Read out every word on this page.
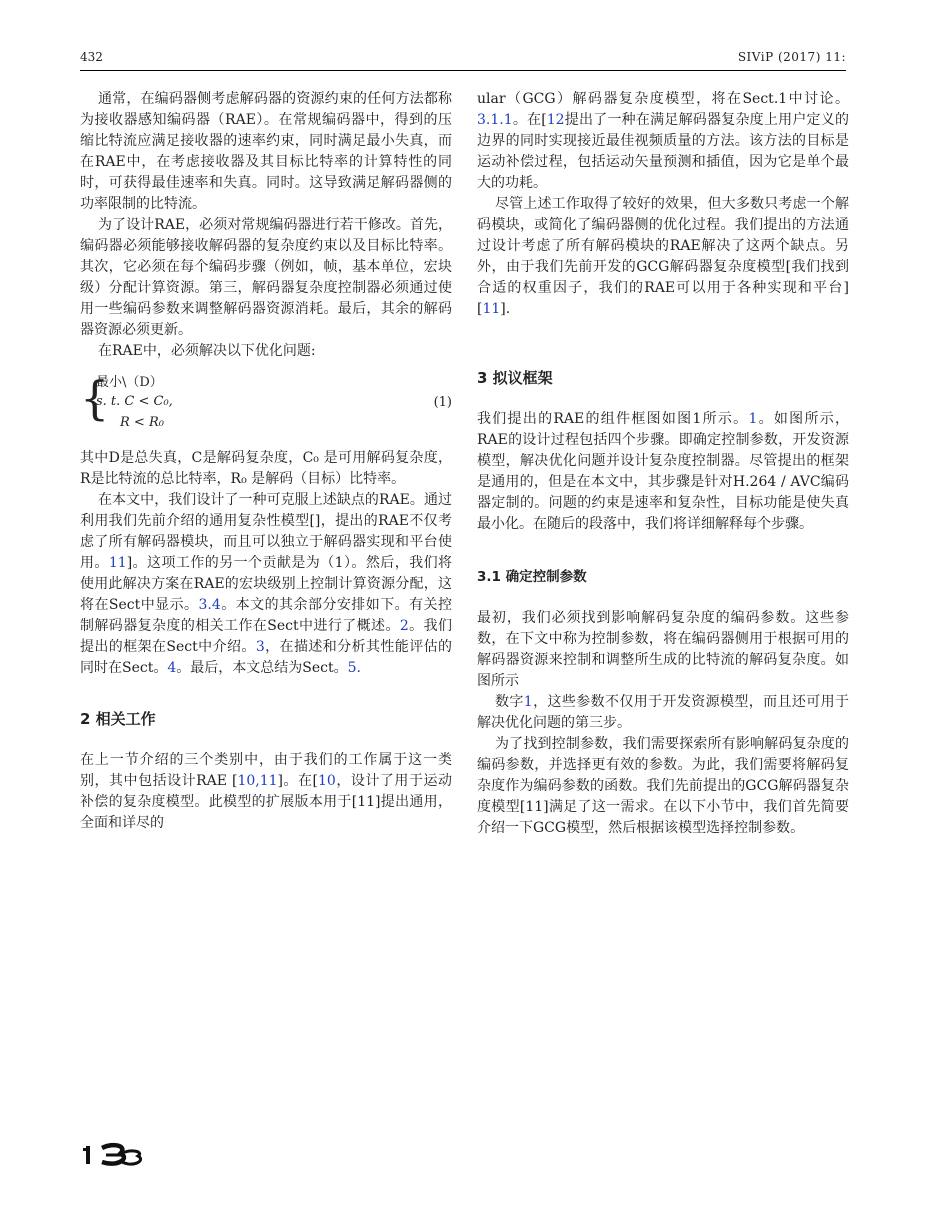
432	SIViP (2017) 11:

通常，在编码器侧考虑解码器的资源约束的任何方法都称为接收器感知编码器（RAE）。在常规编码器中，得到的压缩比特流应满足接收器的速率约束，同时满足最小失真，而在RAE中，在考虑接收器及其目标比特率的计算特性的同时，可获得最佳速率和失真。同时。这导致满足解码器侧的功率限制的比特流。

为了设计RAE，必须对常规编码器进行若干修改。首先，编码器必须能够接收解码器的复杂度约束以及目标比特率。其次，它必须在每个编码步骤（例如，帧，基本单位，宏块级）分配计算资源。第三，解码器复杂度控制器必须通过使用一些编码参数来调整解码器资源消耗。最后，其余的解码器资源必须更新。

在RAE中，必须解决以下优化问题:

{
最小\（D）
s. t. C < C₀,
R < R₀
(1)

其中D是总失真，C是解码复杂度，C₀ 是可用解码复杂度，R是比特流的总比特率，R₀ 是解码（目标）比特率。

在本文中，我们设计了一种可克服上述缺点的RAE。通过利用我们先前介绍的通用复杂性模型[]，提出的RAE不仅考虑了所有解码器模块，而且可以独立于解码器实现和平台使用。11]。这项工作的另一个贡献是为（1）。然后，我们将使用此解决方案在RAE的宏块级别上控制计算资源分配，这将在Sect中显示。3.4。本文的其余部分安排如下。有关控制解码器复杂度的相关工作在Sect中进行了概述。2。我们提出的框架在Sect中介绍。3，在描述和分析其性能评估的同时在Sect。4。最后，本文总结为Sect。5.

2 相关工作

在上一节介绍的三个类别中，由于我们的工作属于这一类别，其中包括设计RAE [10,11]。在[10，设计了用于运动补偿的复杂度模型。此模型的扩展版本用于[11]提出通用，全面和详尽的

ular（GCG）解码器复杂度模型，将在Sect.1中讨论。3.1.1。在[12提出了一种在满足解码器复杂度上用户定义的边界的同时实现接近最佳视频质量的方法。该方法的目标是运动补偿过程，包括运动矢量预测和插值，因为它是单个最大的功耗。

尽管上述工作取得了较好的效果，但大多数只考虑一个解码模块，或简化了编码器侧的优化过程。我们提出的方法通过设计考虑了所有解码模块的RAE解决了这两个缺点。另外，由于我们先前开发的GCG解码器复杂度模型[我们找到合适的权重因子，我们的RAE可以用于各种实现和平台] [11].

3 拟议框架

我们提出的RAE的组件框图如图1所示。1。如图所示，RAE的设计过程包括四个步骤。即确定控制参数，开发资源模型，解决优化问题并设计复杂度控制器。尽管提出的框架是通用的，但是在本文中，其步骤是针对H.264 / AVC编码器定制的。问题的约束是速率和复杂性，目标功能是使失真最小化。在随后的段落中，我们将详细解释每个步骤。

3.1 确定控制参数

最初，我们必须找到影响解码复杂度的编码参数。这些参数，在下文中称为控制参数，将在编码器侧用于根据可用的解码器资源来控制和调整所生成的比特流的解码复杂度。如图所示

数字1，这些参数不仅用于开发资源模型，而且还可用于解决优化问题的第三步。

为了找到控制参数，我们需要探索所有影响解码复杂度的编码参数，并选择更有效的参数。为此，我们需要将解码复杂度作为编码参数的函数。我们先前提出的GCG解码器复杂度模型[11]满足了这一需求。在以下小节中，我们首先简要介绍一下GCG模型，然后根据该模型选择控制参数。
